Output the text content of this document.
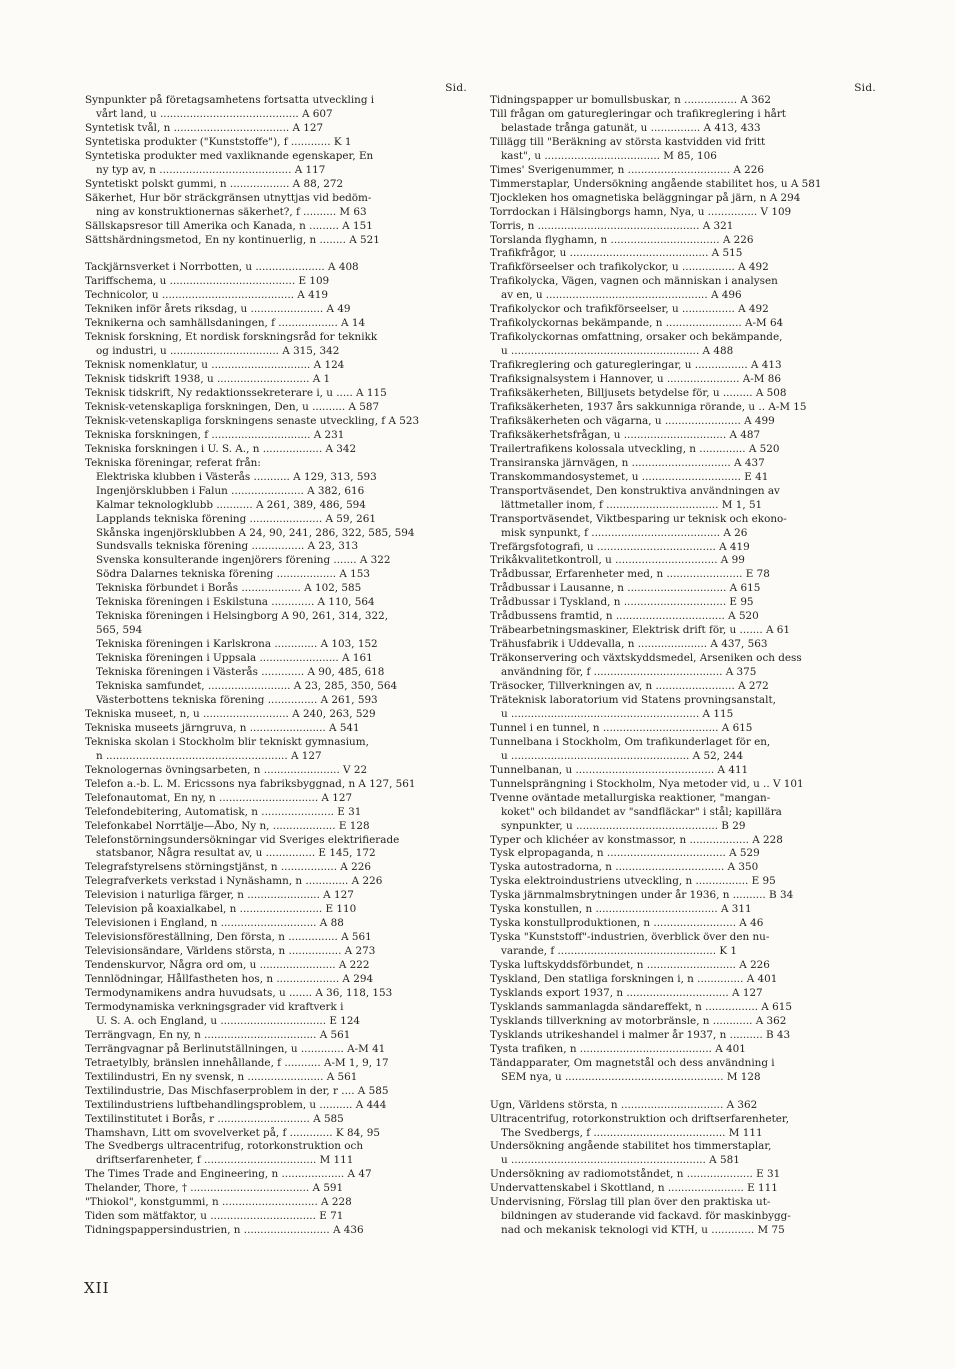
Sid.
Synpunkter på företagsamhetens fortsatta utveckling i
vårt land, u .......................................... A 607
Syntetisk tvål, n ................................... A 127
Syntetiska produkter ("Kunststoffe"), f ............ K 1
Syntetiska produkter med vaxliknande egenskaper, En
ny typ av, n ........................................ A 117
Syntetiskt polskt gummi, n .................. A 88, 272
Säkerhet, Hur bör sträckgränsen utnyttjas vid bedöm-
ning av konstruktionernas säkerhet?, f .......... M 63
Sällskapsresor till Amerika och Kanada, n ......... A 151
Sättshärdningsmetod, En ny kontinuerlig, n ........ A 521
Tackjärnsverket i Norrbotten, u ..................... A 408
Tariffschema, u ...................................... E 109
Technicolor, u ........................................ A 419
Tekniken inför årets riksdag, u ...................... A 49
Teknikerna och samhällsdaningen, f .................. A 14
Teknisk forskning, Et nordisk forskningsråd for teknikk
og industri, u ................................. A 315, 342
Teknisk nomenklatur, u .............................. A 124
Teknisk tidskrift 1938, u ............................ A 1
Teknisk tidskrift, Ny redaktionssekreterare i, u ..... A 115
Teknisk-vetenskapliga forskningen, Den, u .......... A 587
Teknisk-vetenskapliga forskningens senaste utveckling, f A 523
Tekniska forskningen, f .............................. A 231
Tekniska forskningen i U. S. A., n .................. A 342
Tekniska föreningar, referat från:
Elektriska klubben i Västerås ........... A 129, 313, 593
Ingenjörsklubben i Falun ...................... A 382, 616
Kalmar teknologklubb ........... A 261, 389, 486, 594
Lapplands tekniska förening ...................... A 59, 261
Skånska ingenjörsklubben A 24, 90, 241, 286, 322, 585, 594
Sundsvalls tekniska förening ................ A 23, 313
Svenska konsulterande ingenjörers förening ....... A 322
Södra Dalarnes tekniska förening .................. A 153
Tekniska förbundet i Borås .................. A 102, 585
Tekniska föreningen i Eskilstuna ............. A 110, 564
Tekniska föreningen i Helsingborg A 90, 261, 314, 322,
565, 594
Tekniska föreningen i Karlskrona ............. A 103, 152
Tekniska föreningen i Uppsala ........................ A 161
Tekniska föreningen i Västerås ............. A 90, 485, 618
Tekniska samfundet, ......................... A 23, 285, 350, 564
Västerbottens tekniska förening ............... A 261, 593
Tekniska museet, n, u .......................... A 240, 263, 529
Tekniska museets järngruva, n ....................... A 541
Tekniska skolan i Stockholm blir tekniskt gymnasium,
n ....................................................... A 127
Teknologernas övningsarbeten, n ....................... V 22
Telefon a.-b. L. M. Ericssons nya fabriksbyggnad, n A 127, 561
Telefonautomat, En ny, n .............................. A 127
Telefondebitering, Automatisk, n ...................... E 31
Telefonkabel Norrtälje—Åbo, Ny n, ................... E 128
Telefonstörningsundersökningar vid Sveriges elektrifierade
statsbanor, Några resultat av, u ............... E 145, 172
Telegrafstyrelsens störningstjänst, n ................. A 226
Telegrafverkets verkstad i Nynäshamn, n ............. A 226
Television i naturliga färger, n ...................... A 127
Television på koaxialkabel, n ......................... E 110
Televisionen i England, n ............................. A 88
Televisionsföreställning, Den första, n ............... A 561
Televisionsändare, Världens största, n ................ A 273
Tendenskurvor, Några ord om, u ....................... A 222
Tennlödningar, Hållfastheten hos, n ................... A 294
Termodynamikens andra huvudsats, u ....... A 36, 118, 153
Termodynamiska verkningsgrader vid kraftverk i
U. S. A. och England, u ................................ E 124
Terrängvagn, En ny, n .................................. A 561
Terrängvagnar på Berlinutställningen, u ............. A-M 41
Tetraetylbly, bränslen innehållande, f ........... A-M 1, 9, 17
Textilindustri, En ny svensk, n ....................... A 561
Textilindustrie, Das Mischfaserproblem in der, r .... A 585
Textilindustriens luftbehandlingsproblem, u .......... A 444
Textilinstitutet i Borås, r ............................ A 585
Thamshavn, Litt om svovelverket på, f ............. K 84, 95
The Svedbergs ultracentrifug, rotorkonstruktion och
driftserfarenheter, f .................................. M 111
The Times Trade and Engineering, n ................... A 47
Thelander, Thore, † .................................... A 591
"Thiokol", konstgummi, n ............................. A 228
Tiden som mätfaktor, u ................................ E 71
Tidningspappersindustrien, n .......................... A 436
Sid.
Tidningspapper ur bomullsbuskar, n ................ A 362
Till frågan om gaturegleringar och trafikreglering i hårt
belastade trånga gatunät, u ............... A 413, 433
Tillägg till "Beräkning av största kastvidden vid fritt
kast", u ................................... M 85, 106
Times' Sverigenummer, n ............................... A 226
Timmerstaplar, Undersökning angående stabilitet hos, u A 581
Tjockleken hos omagnetiska beläggningar på järn, n A 294
Torrdockan i Hälsingborgs hamn, Nya, u ............... V 109
Torris, n ................................................. A 321
Torslanda flyghamn, n ................................. A 226
Trafikfrågor, u .......................................... A 515
Trafikförseelser och trafikolyckor, u ................ A 492
Trafikolycka, Vägen, vagnen och människan i analysen
av en, u ................................................. A 496
Trafikolyckor och trafikförseelser, u ................ A 492
Trafikolyckornas bekämpande, n ....................... A-M 64
Trafikolyckornas omfattning, orsaker och bekämpande,
u ......................................................... A 488
Trafikreglering och gaturegleringar, u ................ A 413
Trafiksignalsystem i Hannover, u ...................... A-M 86
Trafiksäkerheten, Billjusets betydelse för, u ......... A 508
Trafiksäkerheten, 1937 års sakkunniga rörande, u .. A-M 15
Trafiksäkerheten och vägarna, u ....................... A 499
Trafiksäkerhetsfrågan, u ............................... A 487
Trailertrafikens kolossala utveckling, n .............. A 520
Transiranska järnvägen, n .............................. A 437
Transkommandosystemet, u .............................. E 41
Transportväsendet, Den konstruktiva användningen av
lättmetaller inom, f .................................. M 1, 51
Transportväsendet, Viktbesparing ur teknisk och ekono-
misk synpunkt, f ....................................... A 26
Trefärgsfotografi, u .................................... A 419
Trikåkvalitetkontroll, u ............................... A 99
Trådbussar, Erfarenheter med, n ....................... E 78
Trådbussar i Lausanne, n .............................. A 615
Trådbussar i Tyskland, n ............................... E 95
Trådbussens framtid, n ................................. A 520
Träbearbetningsmaskiner, Elektrisk drift för, u ....... A 61
Trähusfabrik i Uddevalla, n ..................... A 437, 563
Träkonservering och växtskyddsmedel, Arseniken och dess
användning för, f ....................................... A 375
Träsocker, Tillverkningen av, n ........................ A 272
Träteknisk laboratorium vid Statens provningsanstalt,
u ......................................................... A 115
Tunnel i en tunnel, n ................................... A 615
Tunnelbana i Stockholm, Om trafikunderlaget för en,
u ...................................................... A 52, 244
Tunnelbanan, u .......................................... A 411
Tunnelsprängning i Stockholm, Nya metoder vid, u .. V 101
Tvenne oväntade metallurgiska reaktioner, "mangan-
koket" och bildandet av "sandfläckar" i stål; kapillära
synpunkter, u ........................................... B 29
Typer och klichéer av konstmassor, n .................. A 228
Tysk elpropaganda, n .................................... A 529
Tyska autostradorna, n ................................. A 350
Tyska elektroindustriens utveckling, n ................ E 95
Tyska järnmalmsbrytningen under år 1936, n .......... B 34
Tyska konstullen, n ..................................... A 311
Tyska konstullproduktionen, n ......................... A 46
Tyska "Kunststoff"-industrien, överblick över den nu-
varande, f ................................................ K 1
Tyska luftskyddsförbundet, n ........................... A 226
Tyskland, Den statliga forskningen i, n .............. A 401
Tysklands export 1937, n ............................... A 127
Tysklands sammanlagda sändareffekt, n ................ A 615
Tysklands tillverkning av motorbränsle, n ............ A 362
Tysklands utrikeshandel i malmer år 1937, n .......... B 43
Tysta trafiken, n ........................................ A 401
Tändapparater, Om magnetstål och dess användning i
SEM nya, u ................................................ M 128
Ugn, Världens största, n ............................... A 362
Ultracentrifug, rotorkonstruktion och driftserfarenheter,
The Svedbergs, f ........................................ M 111
Undersökning angående stabilitet hos timmerstaplar,
u ........................................................... A 581
Undersökning av radiomotståndet, n .................... E 31
Undervattenskabel i Skottland, n ....................... E 111
Undervisning, Förslag till plan över den praktiska ut-
bildningen av studerande vid fackavd. för maskinbygg-
nad och mekanisk teknologi vid KTH, u ............. M 75
XII
